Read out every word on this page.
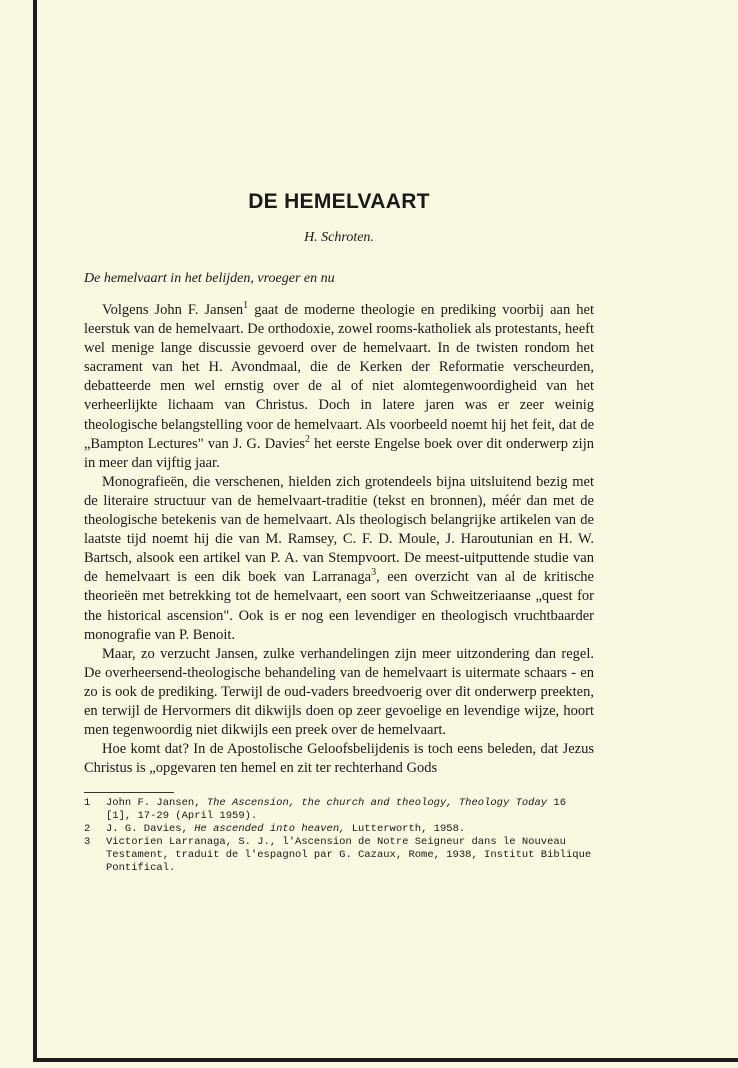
DE HEMELVAART
H. Schroten.
De hemelvaart in het belijden, vroeger en nu

Volgens John F. Jansen$^1$ gaat de moderne theologie en prediking voorbij aan het leerstuk van de hemelvaart. De orthodoxie, zowel rooms-katholiek als protestants, heeft wel menige lange discussie gevoerd over de hemelvaart. In de twisten rondom het sacrament van het H. Avondmaal, die de Kerken der Reformatie verscheurden, debatteerde men wel ernstig over de al of niet alomtegenwoordigheid van het verheerlijkte lichaam van Christus. Doch in latere jaren was er zeer weinig theologische belangstelling voor de hemelvaart. Als voorbeeld noemt hij het feit, dat de „Bampton Lectures" van J. G. Davies$^2$ het eerste Engelse boek over dit onderwerp zijn in meer dan vijftig jaar.

Monografieën, die verschenen, hielden zich grotendeels bijna uitsluitend bezig met de literaire structuur van de hemelvaart-traditie (tekst en bronnen), méér dan met de theologische betekenis van de hemelvaart. Als theologisch belangrijke artikelen van de laatste tijd noemt hij die van M. Ramsey, C. F. D. Moule, J. Haroutunian en H. W. Bartsch, alsook een artikel van P. A. van Stempvoort. De meest-uitputtende studie van de hemelvaart is een dik boek van Larranaga$^3$, een overzicht van al de kritische theorieën met betrekking tot de hemelvaart, een soort van Schweitzeriaanse „quest for the historical ascension". Ook is er nog een levendiger en theologisch vruchtbaarder monografie van P. Benoit.

Maar, zo verzucht Jansen, zulke verhandelingen zijn meer uitzondering dan regel. De overheersend-theologische behandeling van de hemelvaart is uitermate schaars - en zo is ook de prediking. Terwijl de oud-vaders breedvoerig over dit onderwerp preekten, en terwijl de Hervormers dit dikwijls doen op zeer gevoelige en levendige wijze, hoort men tegenwoordig niet dikwijls een preek over de hemelvaart.

Hoe komt dat? In de Apostolische Geloofsbelijdenis is toch eens beleden, dat Jezus Christus is „opgevaren ten hemel en zit ter rechterhand Gods

1	John F. Jansen, The Ascension, the church and theology, Theology Today 16 [1], 17-29 (April 1959).
2	J. G. Davies, He ascended into heaven, Lutterworth, 1958.
3	Victorien Larranaga, S. J., l'Ascension de Notre Seigneur dans le Nouveau Testament, traduit de l'espagnol par G. Cazaux, Rome, 1938, Institut Biblique Pontifical.
